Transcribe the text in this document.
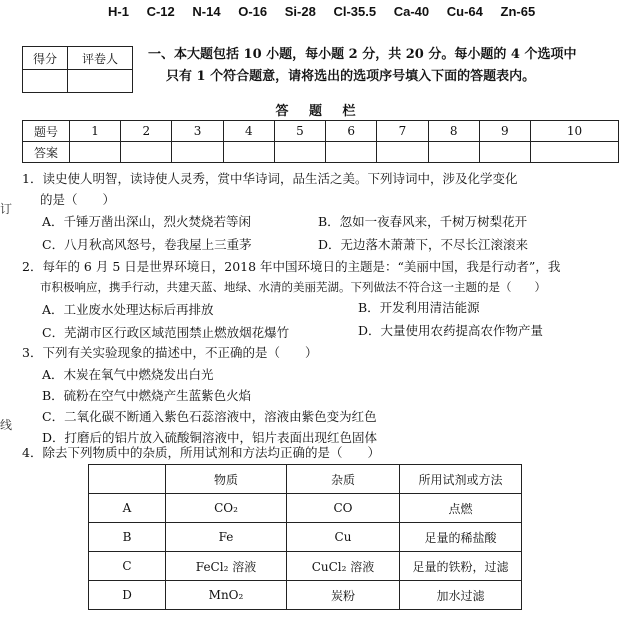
H-1 C-12 N-14 O-16 Si-28 Cl-35.5 Ca-40 Cu-64 Zn-65
得分	评卷人
	一、本大题包括 10 小题，每小题 2 分，共 20 分。每小题的 4 个选项中
只有 1 个符合题意，请将选出的选项序号填入下面的答题表内。
答 题 栏
题号	1	2	3	4	5	6	7	8	9	10
答案										
订
线

1．读史使人明智，读诗使人灵秀，赏中华诗词，品生活之美。下列诗词中，涉及化学变化

的是（　　）

A．千锤万凿出深山，烈火焚烧若等闲	B．忽如一夜春风来，千树万树梨花开
C．八月秋高风怒号，卷我屋上三重茅	D．无边落木萧萧下，不尽长江滚滚来

2．每年的 6 月 5 日是世界环境日，2018 年中国环境日的主题是：“美丽中国，我是行动者”，我

市积极响应，携手行动，共建天蓝、地绿、水清的美丽芜湖。下列做法不符合这一主题的是（　　）

A．工业废水处理达标后再排放	B．开发利用清洁能源
C．芜湖市区行政区域范围禁止燃放烟花爆竹	D．大量使用农药提高农作物产量

3．下列有关实验现象的描述中，不正确的是（　　）

A．木炭在氧气中燃烧发出白光
B．硫粉在空气中燃烧产生蓝紫色火焰
C．二氧化碳不断通入紫色石蕊溶液中，溶液由紫色变为红色
D．打磨后的铝片放入硫酸铜溶液中，铝片表面出现红色固体

4．除去下列物质中的杂质，所用试剂和方法均正确的是（　　）

	物质	杂质	所用试剂或方法
A	CO₂	CO	点燃
B	Fe	Cu	足量的稀盐酸
C	FeCl₂ 溶液	CuCl₂ 溶液	足量的铁粉，过滤
D	MnO₂	炭粉	加水过滤
